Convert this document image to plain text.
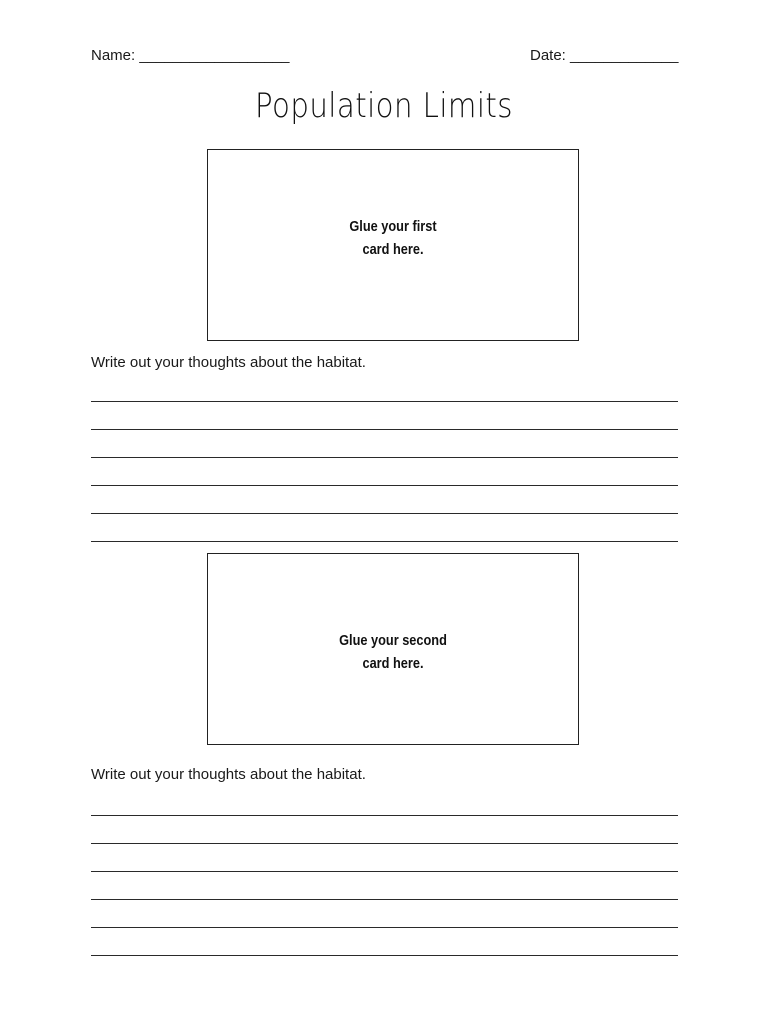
Name: __________________	Date: _____________
Population Limits
Glue your first
card here.
Write out your thoughts about the habitat.
Glue your second
card here.
Write out your thoughts about the habitat.
